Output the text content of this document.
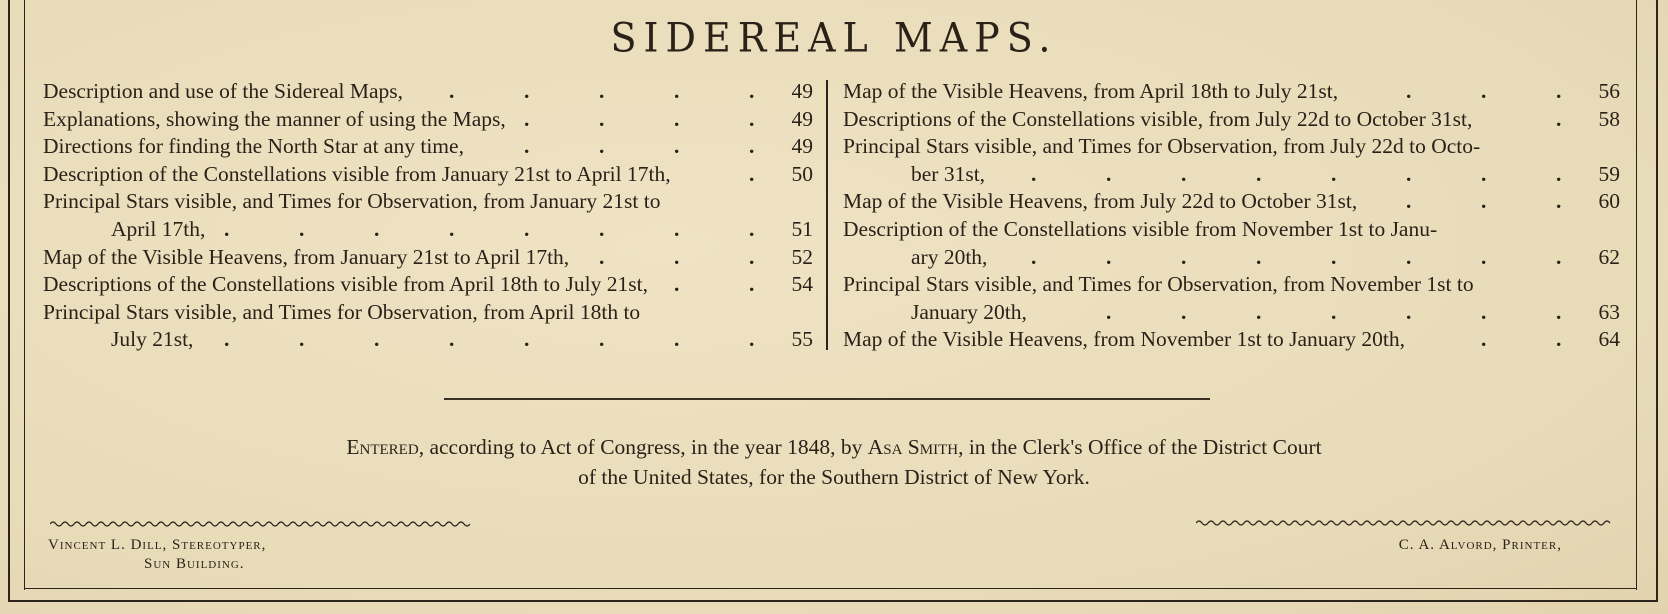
SIDEREAL MAPS.
Description and use of the Sidereal Maps,	49
.
.
.
.
.
Explanations, showing the manner of using the Maps,	49
.
.
.
.
Directions for finding the North Star at any time,	49
.
.
.
.
Description of the Constellations visible from January 21st to April 17th,	50
.
Principal Stars visible, and Times for Observation, from January 21st to
April 17th,	51
.
.
.
.
.
.
.
.
Map of the Visible Heavens, from January 21st to April 17th,	52
.
.
.
Descriptions of the Constellations visible from April 18th to July 21st,	54
.
.
Principal Stars visible, and Times for Observation, from April 18th to
July 21st,	55
.
.
.
.
.
.
.
.
Map of the Visible Heavens, from April 18th to July 21st,	56
.
.
.
Descriptions of the Constellations visible, from July 22d to October 31st,	58
.
Principal Stars visible, and Times for Observation, from July 22d to Octo-
ber 31st,	59
.
.
.
.
.
.
.
.
Map of the Visible Heavens, from July 22d to October 31st,	60
.
.
.
Description of the Constellations visible from November 1st to Janu-
ary 20th,	62
.
.
.
.
.
.
.
.
Principal Stars visible, and Times for Observation, from November 1st to
January 20th,	63
.
.
.
.
.
.
.
Map of the Visible Heavens, from November 1st to January 20th,	64
.
.
Entered, according to Act of Congress, in the year 1848, by Asa Smith, in the Clerk's Office of the District Court
of the United States, for the Southern District of New York.
Vincent L. Dill, Stereotyper,
Sun Building.
C. A. Alvord, Printer,
